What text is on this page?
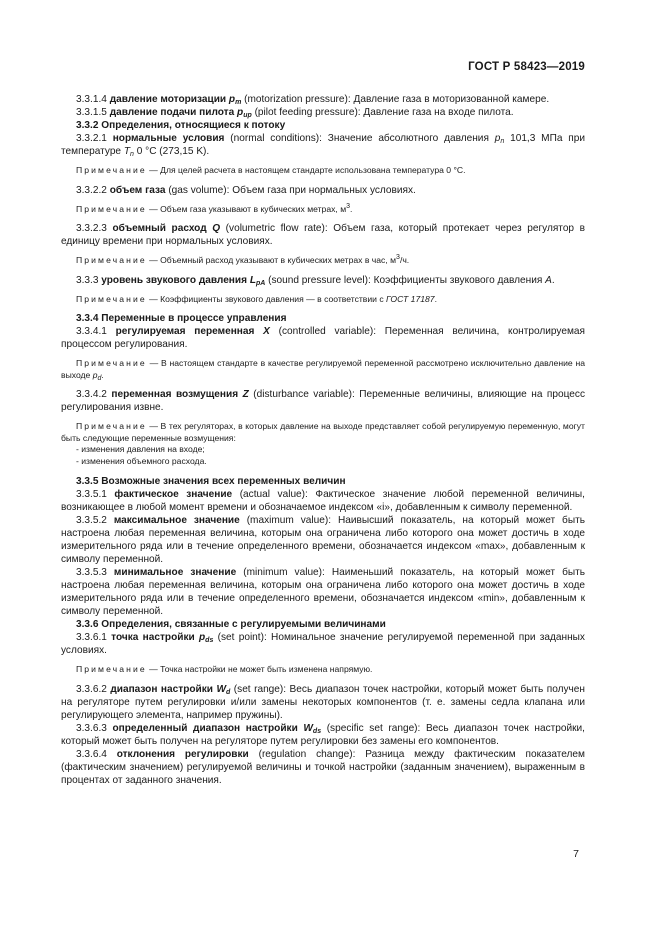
ГОСТ Р 58423—2019

3.3.1.4 давление моторизации $p_m$ (motorization pressure): Давление газа в моторизованной камере.

3.3.1.5 давление подачи пилота $p_{up}$ (pilot feeding pressure): Давление газа на входе пилота.

3.3.2 Определения, относящиеся к потоку

3.3.2.1 нормальные условия (normal conditions): Значение абсолютного давления $p_n$ 101,3 МПа при температуре $T_n$ 0 °C (273,15 K).

Примечание — Для целей расчета в настоящем стандарте использована температура 0 °C.

3.3.2.2 объем газа (gas volume): Объем газа при нормальных условиях.

Примечание — Объем газа указывают в кубических метрах, $м^3$.

3.3.2.3 объемный расход Q (volumetric flow rate): Объем газа, который протекает через регулятор в единицу времени при нормальных условиях.

Примечание — Объемный расход указывают в кубических метрах в час, $м^3/ч$.

3.3.3 уровень звукового давления $L_{pA}$ (sound pressure level): Коэффициенты звукового давления A.

Примечание — Коэффициенты звукового давления — в соответствии с ГОСТ 17187.

3.3.4 Переменные в процессе управления

3.3.4.1 регулируемая переменная X (controlled variable): Переменная величина, контролируемая процессом регулирования.

Примечание — В настоящем стандарте в качестве регулируемой переменной рассмотрено исключительно давление на выходе $p_d$.

3.3.4.2 переменная возмущения Z (disturbance variable): Переменные величины, влияющие на процесс регулирования извне.

Примечание — В тех регуляторах, в которых давление на выходе представляет собой регулируемую переменную, могут быть следующие переменные возмущения:

- изменения давления на входе;

- изменения объемного расхода.

3.3.5 Возможные значения всех переменных величин

3.3.5.1 фактическое значение (actual value): Фактическое значение любой переменной величины, возникающее в любой момент времени и обозначаемое индексом «i», добавленным к символу переменной.

3.3.5.2 максимальное значение (maximum value): Наивысший показатель, на который может быть настроена любая переменная величина, которым она ограничена либо которого она может достичь в ходе измерительного ряда или в течение определенного времени, обозначается индексом «max», добавленным к символу переменной.

3.3.5.3 минимальное значение (minimum value): Наименьший показатель, на который может быть настроена любая переменная величина, которым она ограничена либо которого она может достичь в ходе измерительного ряда или в течение определенного времени, обозначается индексом «min», добавленным к символу переменной.

3.3.6 Определения, связанные с регулируемыми величинами

3.3.6.1 точка настройки $p_{ds}$ (set point): Номинальное значение регулируемой переменной при заданных условиях.

Примечание — Точка настройки не может быть изменена напрямую.

3.3.6.2 диапазон настройки $W_d$ (set range): Весь диапазон точек настройки, который может быть получен на регуляторе путем регулировки и/или замены некоторых компонентов (т. е. замены седла клапана или регулирующего элемента, например пружины).

3.3.6.3 определенный диапазон настройки $W_{ds}$ (specific set range): Весь диапазон точек настройки, который может быть получен на регуляторе путем регулировки без замены его компонентов.

3.3.6.4 отклонения регулировки (regulation change): Разница между фактическим показателем (фактическим значением) регулируемой величины и точкой настройки (заданным значением), выраженным в процентах от заданного значения.

7
